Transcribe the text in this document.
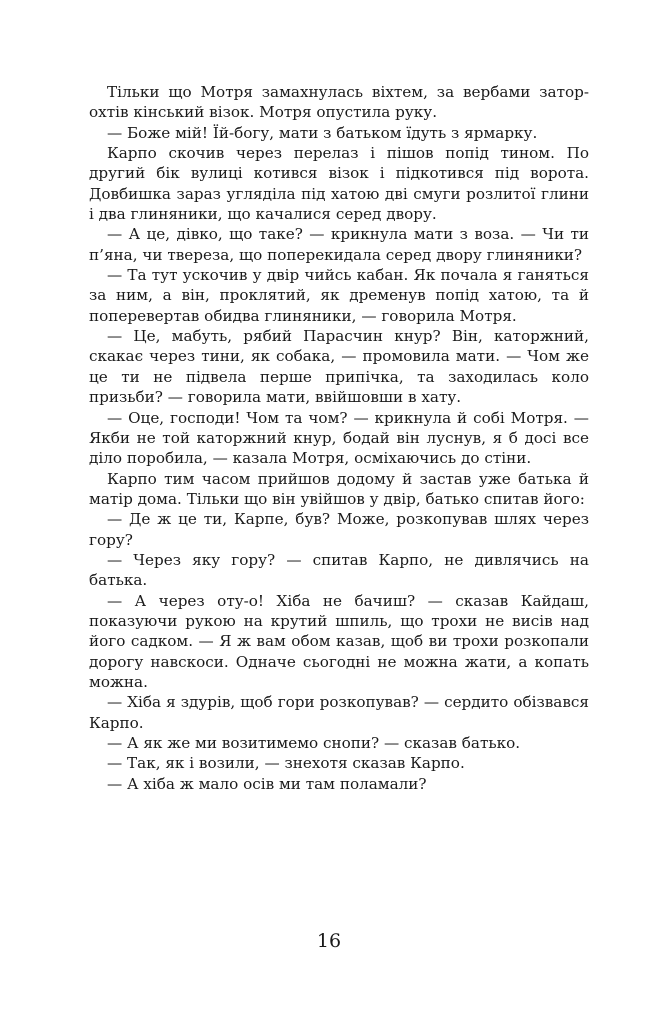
Тільки що Мотря замахнулась віхтем, за вербами заторохтів кінський візок. Мотря опустила руку.

— Боже мій! Їй-богу, мати з батьком їдуть з ярмарку.

Карпо скочив через перелаз і пішов попід тином. По другий бік вулиці котився візок і підкотився під ворота. Довбишка зараз угляділа під хатою дві смуги розлитої глини і два глиняники, що качалися серед двору.

— А це, дівко, що таке? — крикнула мати з воза. — Чи ти п’яна, чи твереза, що поперекидала серед двору глиняники?

— Та тут ускочив у двір чийсь кабан. Як почала я ганяться за ним, а він, проклятий, як дременув попід хатою, та й поперевертав обидва глиняники, — говорила Мотря.

— Це, мабуть, рябий Парасчин кнур? Він, каторжний, скакає через тини, як собака, — промовила мати. — Чом же це ти не підвела перше припічка, та заходилась коло призьби? — говорила мати, ввійшовши в хату.

— Оце, господи! Чом та чом? — крикнула й собі Мотря. — Якби не той каторжний кнур, бодай він луснув, я б досі все діло поробила, — казала Мотря, осміхаючись до стіни.

Карпо тим часом прийшов додому й застав уже батька й матір дома. Тільки що він увійшов у двір, батько спитав його:

— Де ж це ти, Карпе, був? Може, розкопував шлях через гору?

— Через яку гору? — спитав Карпо, не дивлячись на батька.

— А через оту-о! Хіба не бачиш? — сказав Кайдаш, показуючи рукою на крутий шпиль, що трохи не висів над його садком. — Я ж вам обом казав, щоб ви трохи розкопали дорогу навскоси. Одначе сьогодні не можна жати, а копать можна.

— Хіба я здурів, щоб гори розкопував? — сердито обізвався Карпо.

— А як же ми возитимемо снопи? — сказав батько.

— Так, як і возили, — знехотя сказав Карпо.

— А хіба ж мало осів ми там поламали?

16
